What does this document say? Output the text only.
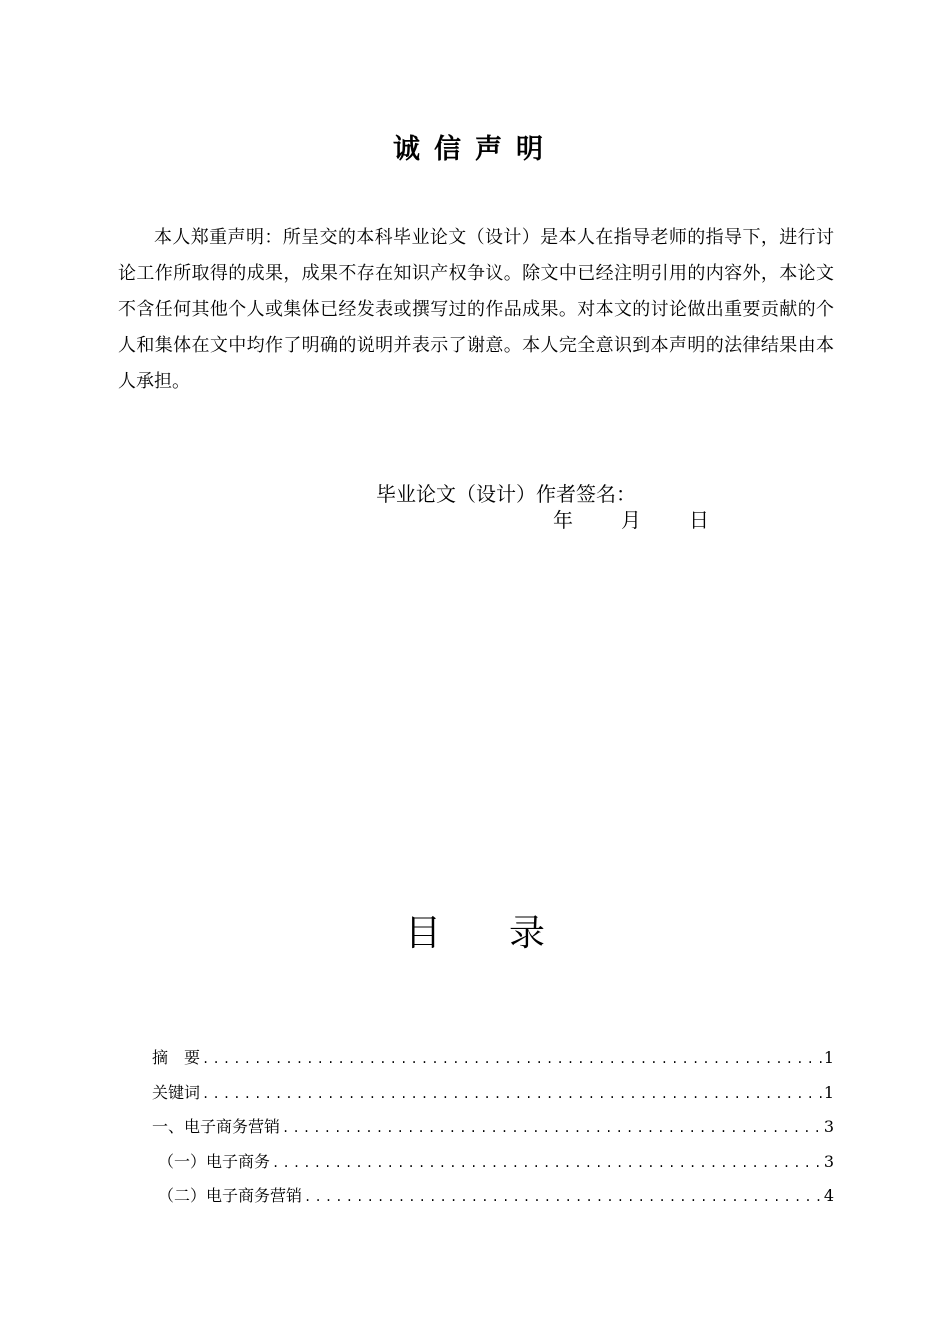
诚信声明
本人郑重声明：所呈交的本科毕业论文（设计）是本人在指导老师的指导下，进行讨论工作所取得的成果，成果不存在知识产权争议。除文中已经注明引用的内容外，本论文不含任何其他个人或集体已经发表或撰写过的作品成果。对本文的讨论做出重要贡献的个人和集体在文中均作了明确的说明并表示了谢意。本人完全意识到本声明的法律结果由本人承担。
毕业论文（设计）作者签名：
年 月 日
目 录
摘　要 .....	1
关键词 .....	1
一、电子商务营销 .....	3
（一）电子商务 .....	3
（二）电子商务营销 .....	4
